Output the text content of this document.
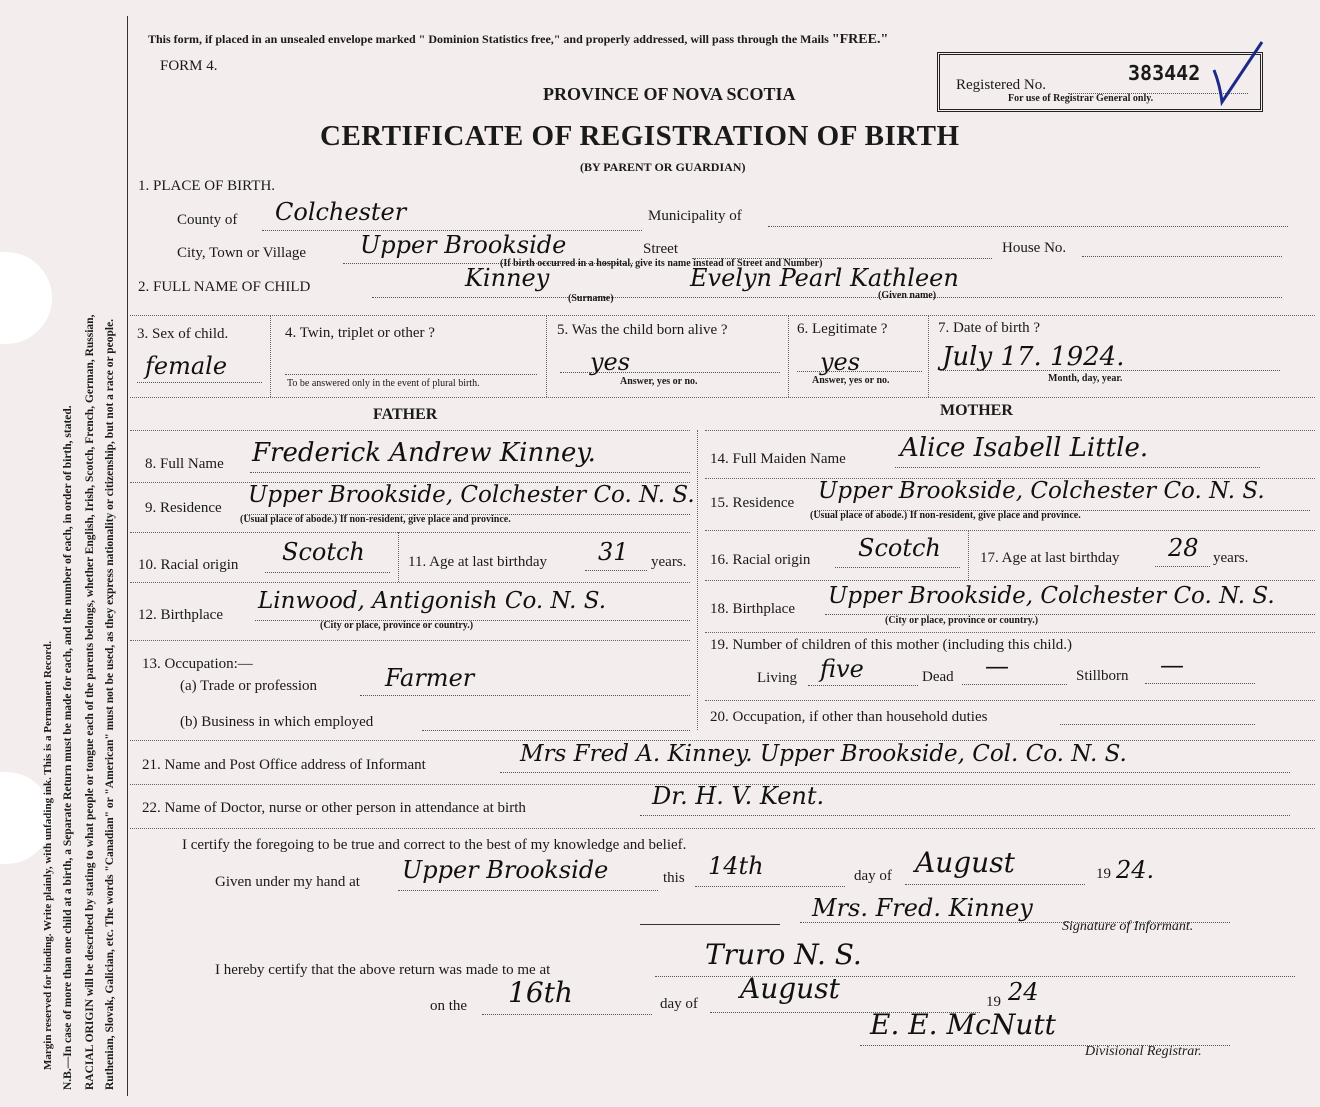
Margin reserved for binding. Write plainly, with unfading ink. This is a Permanent Record. N.B.—In case of more than one child at a birth, a Separate Return must be made for each, and the number of each, in order of birth, stated. RACIAL ORIGIN will be described by stating to what people or tongue each of the parents belongs, whether English, Irish, Scotch, French, German, Russian, Ruthenian, Slovak, Galician, etc. The words "Canadian" or "American" must not be used, as they express nationality or citizenship, but not a race or people.
This form, if placed in an unsealed envelope marked " Dominion Statistics free," and properly addressed, will pass through the Mails "FREE."
FORM 4.
PROVINCE OF NOVA SCOTIA
CERTIFICATE OF REGISTRATION OF BIRTH
(BY PARENT OR GUARDIAN)
Registered No.	383442
For use of Registrar General only.
1. PLACE OF BIRTH.
County of Colchester	Municipality of
City, Town or Village Upper Brookside	Street	House No.
(If birth occurred in a hospital, give its name instead of Street and Number)
2. FULL NAME OF CHILD	Kinney
(Surname)
Evelyn Pearl Kathleen
(Given name)
3. Sex of child.
female
4. Twin, triplet or other ?
To be answered only in the event of plural birth.
5. Was the child born alive ?
yes
Answer, yes or no.
6. Legitimate ?
yes
Answer, yes or no.
7. Date of birth ?
July 17. 1924.
Month, day, year.
FATHER	MOTHER
8. Full Name Frederick Andrew Kinney.
9. Residence Upper Brookside, Colchester Co. N. S.
(Usual place of abode.) If non-resident, give place and province.
10. Racial origin Scotch	11. Age at last birthday 31 years.
12. Birthplace
Linwood, Antigonish Co. N. S.
(City or place, province or country.)
13. Occupation:—
(a) Trade or profession	Farmer
(b) Business in which employed
14. Full Maiden Name Alice Isabell Little.
15. Residence Upper Brookside, Colchester Co. N. S.
(Usual place of abode.) If non-resident, give place and province.
16. Racial origin Scotch	17. Age at last birthday 28 years.
18. Birthplace Upper Brookside, Colchester Co. N. S.
(City or place, province or country.)
19. Number of children of this mother (including this child.)
Living five	Dead —	Stillborn —
20. Occupation, if other than household duties
21. Name and Post Office address of Informant	Mrs Fred A. Kinney. Upper Brookside, Col. Co. N. S.
22. Name of Doctor, nurse or other person in attendance at birth	Dr. H. V. Kent.
I certify the foregoing to be true and correct to the best of my knowledge and belief.
Given under my hand at Upper Brookside	this 14th	day of August	19 24.
Mrs. Fred. Kinney
Signature of Informant.
I hereby certify that the above return was made to me at	Truro N. S.
on the 16th	day of August	19 24
E. E. McNutt
Divisional Registrar.
